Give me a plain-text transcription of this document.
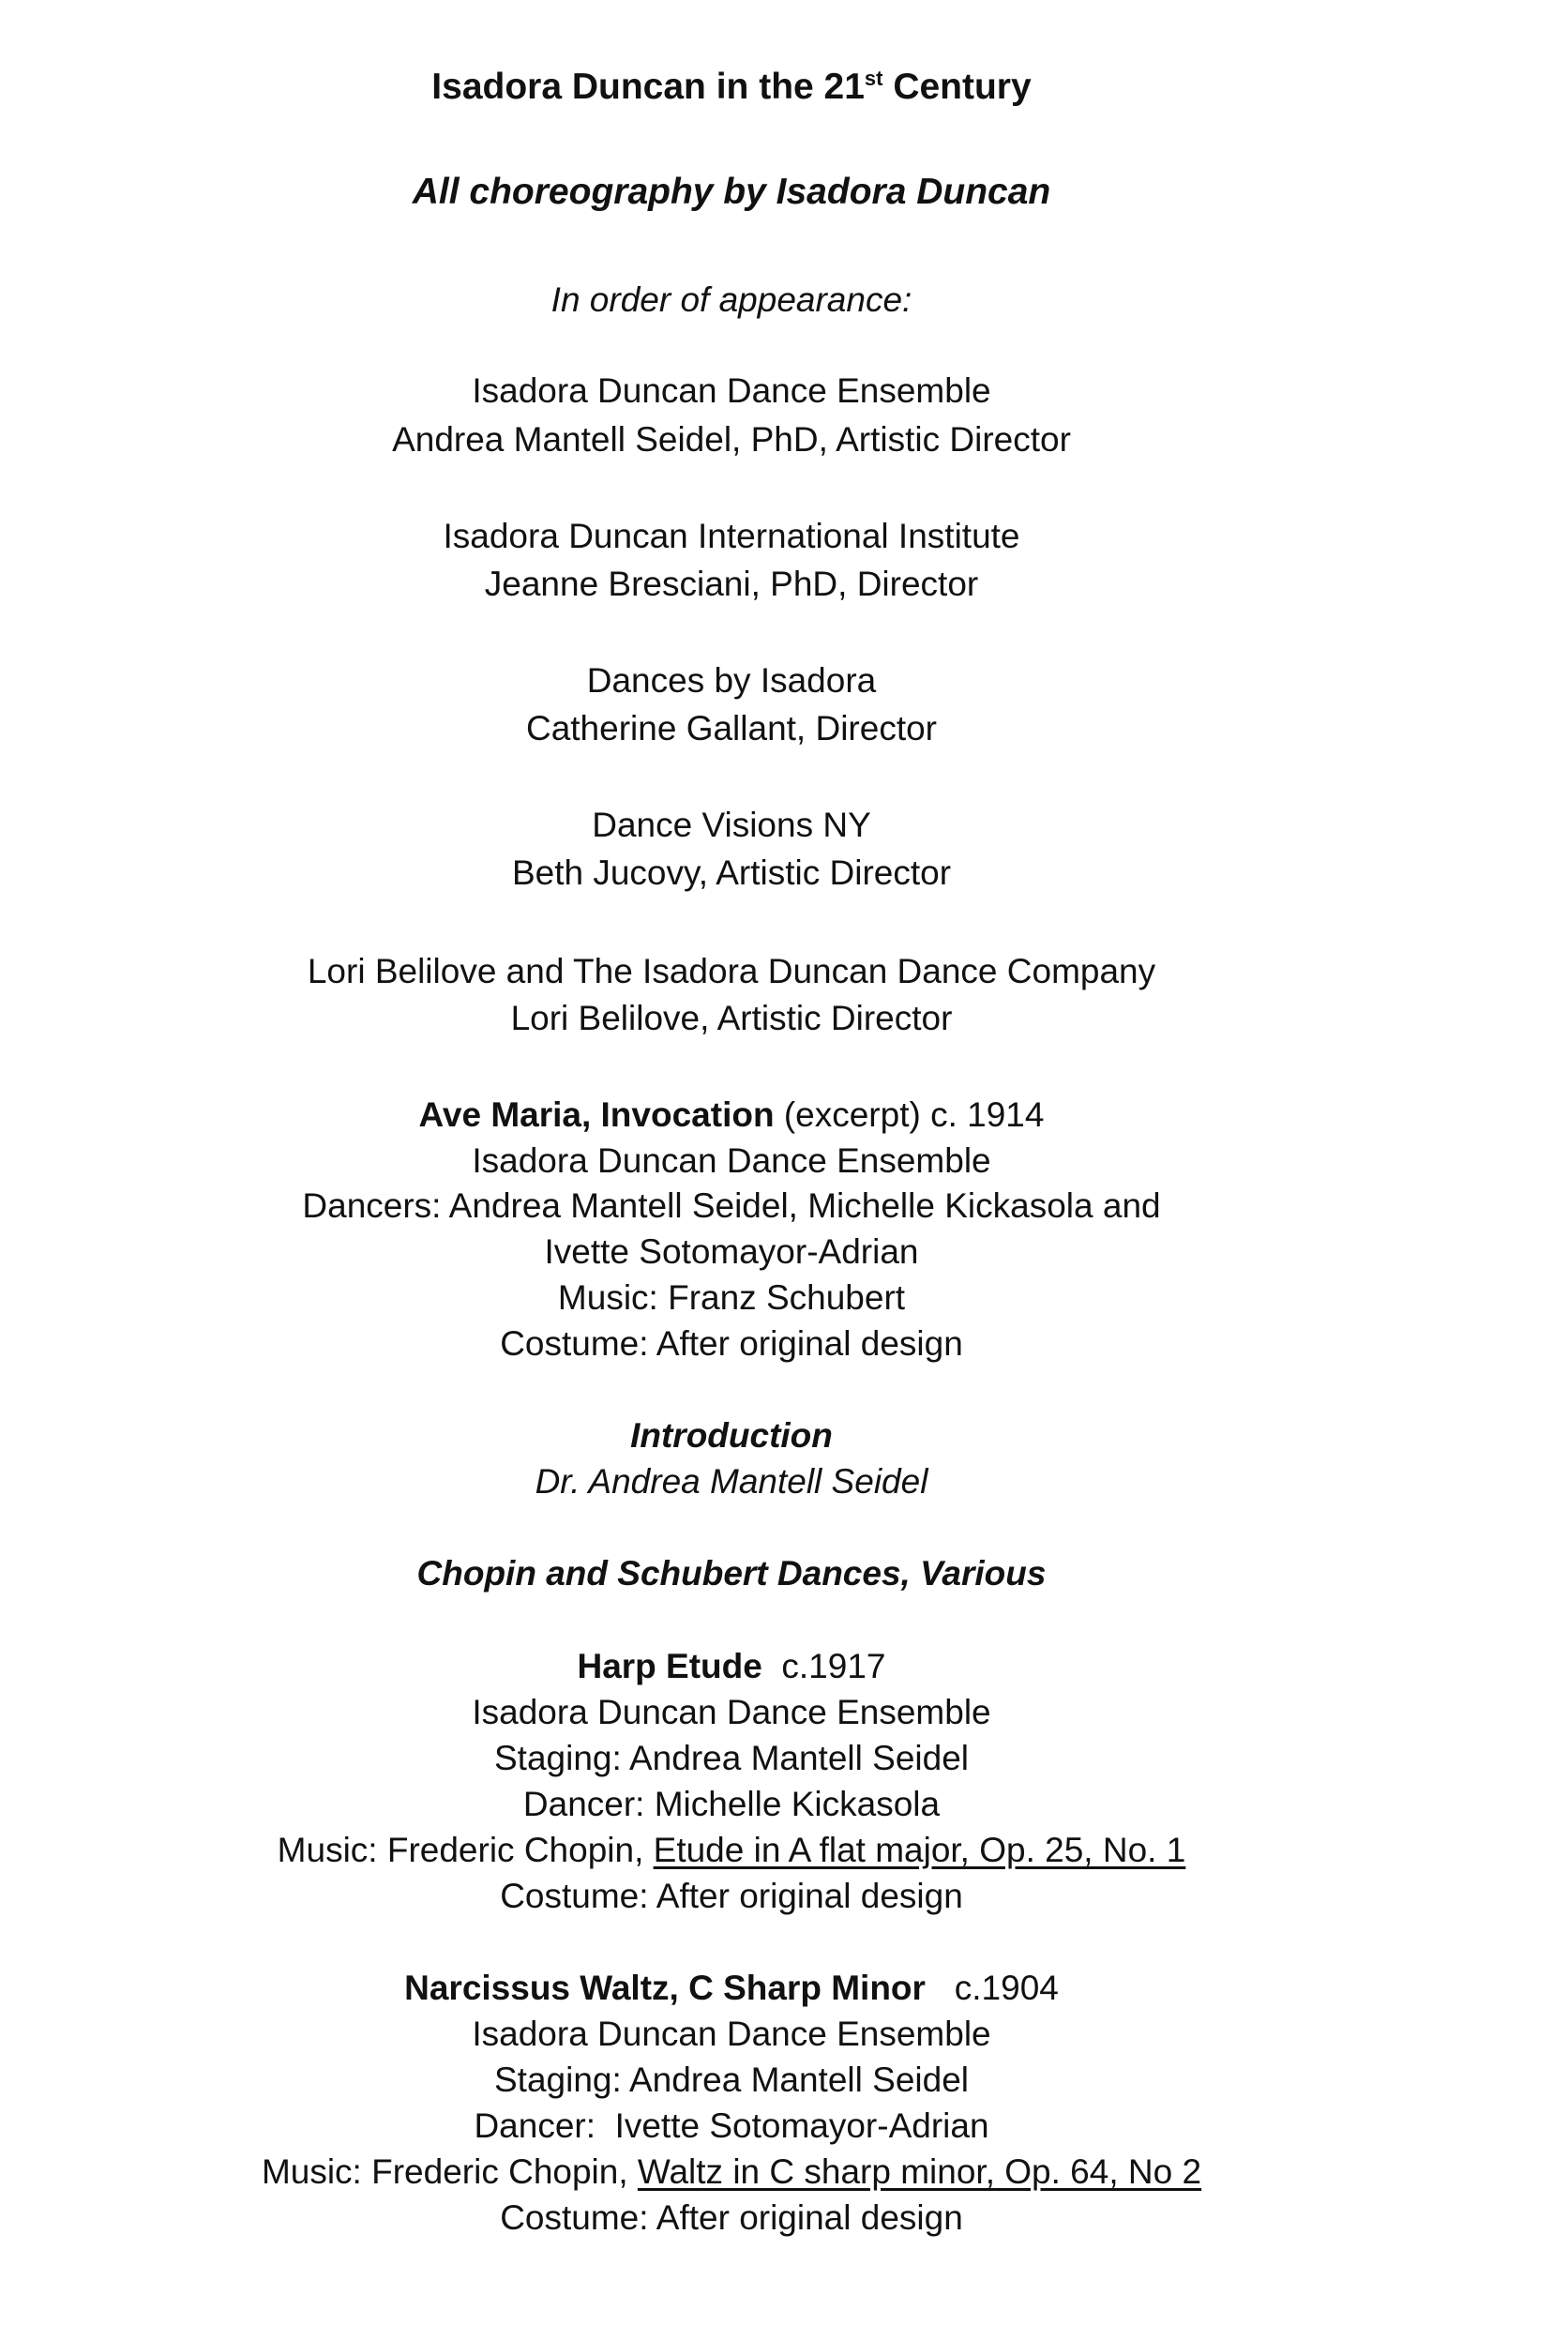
Isadora Duncan in the 21st Century
All choreography by Isadora Duncan
In order of appearance:
Isadora Duncan Dance Ensemble
Andrea Mantell Seidel, PhD, Artistic Director
Isadora Duncan International Institute
Jeanne Bresciani, PhD, Director
Dances by Isadora
Catherine Gallant, Director
Dance Visions NY
Beth Jucovy, Artistic Director
Lori Belilove and The Isadora Duncan Dance Company
Lori Belilove, Artistic Director
Ave Maria, Invocation (excerpt) c. 1914
Isadora Duncan Dance Ensemble
Dancers: Andrea Mantell Seidel, Michelle Kickasola and
Ivette Sotomayor-Adrian
Music: Franz Schubert
Costume: After original design
Introduction
Dr. Andrea Mantell Seidel
Chopin and Schubert Dances, Various
Harp Etude  c.1917
Isadora Duncan Dance Ensemble
Staging: Andrea Mantell Seidel
Dancer: Michelle Kickasola
Music: Frederic Chopin, Etude in A flat major, Op. 25, No. 1
Costume: After original design
Narcissus Waltz, C Sharp Minor   c.1904
Isadora Duncan Dance Ensemble
Staging: Andrea Mantell Seidel
Dancer:  Ivette Sotomayor-Adrian
Music: Frederic Chopin, Waltz in C sharp minor, Op. 64, No 2
Costume: After original design
